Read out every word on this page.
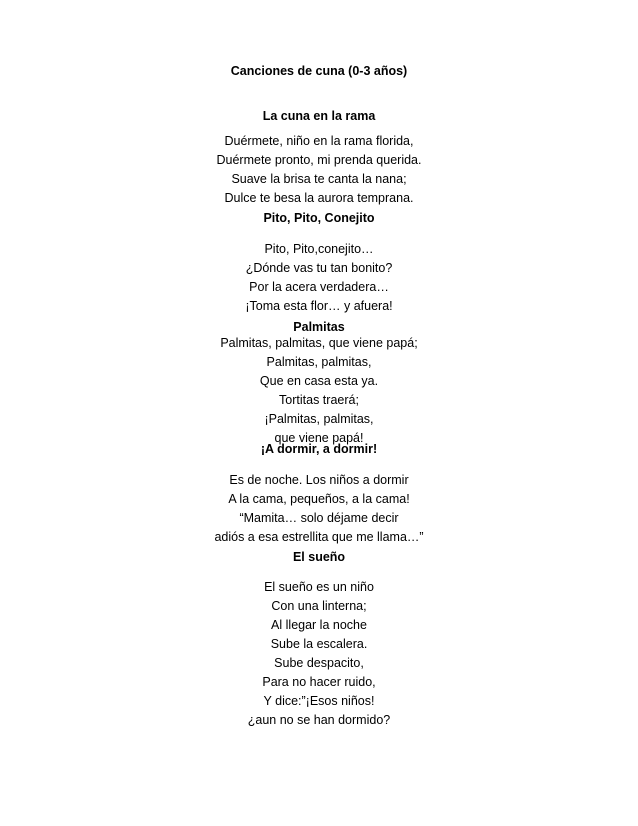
Canciones de cuna (0-3 años)
La cuna en la rama
Duérmete, niño en la rama florida,
Duérmete pronto, mi prenda querida.
Suave la brisa te canta la nana;
Dulce te besa la aurora temprana.
Pito, Pito, Conejito
Pito, Pito,conejito…
¿Dónde vas tu tan bonito?
Por la acera verdadera…
¡Toma esta flor… y afuera!
Palmitas
Palmitas, palmitas, que viene papá;
Palmitas, palmitas,
Que en casa esta ya.
Tortitas traerá;
¡Palmitas, palmitas,
que viene papá!
¡A dormir, a dormir!
Es de noche. Los niños a dormir
A la cama, pequeños, a la cama!
“Mamita… solo déjame decir
adiós a esa estrellita que me llama…”
El sueño
El sueño es un niño
Con una linterna;
Al llegar la noche
Sube la escalera.
Sube despacito,
Para no hacer ruido,
Y dice:”¡Esos niños!
¿aun no se han dormido?
